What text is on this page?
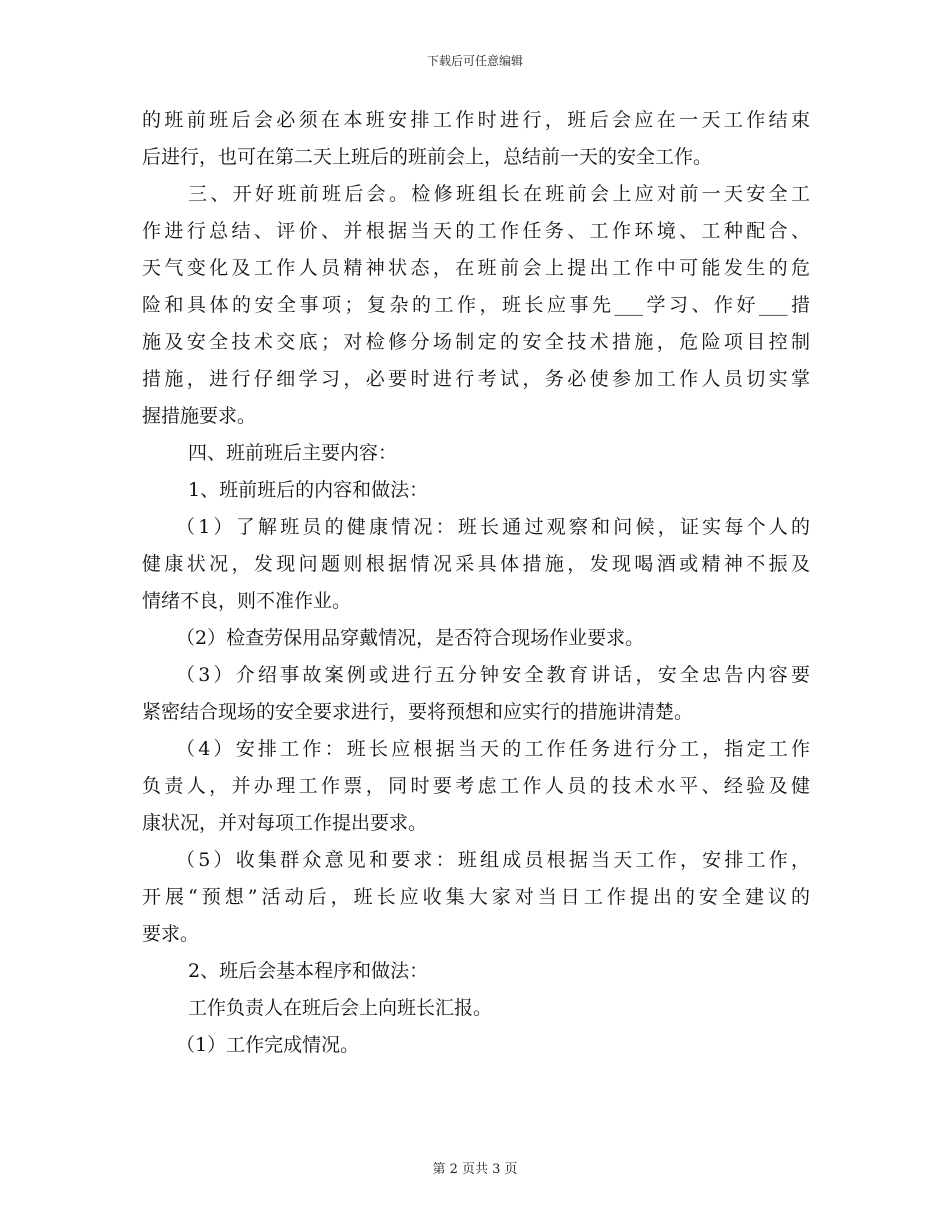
下载后可任意编辑

的班前班后会必须在本班安排工作时进行，班后会应在一天工作结束

后进行，也可在第二天上班后的班前会上，总结前一天的安全工作。

三、开好班前班后会。检修班组长在班前会上应对前一天安全工

作进行总结、评价、并根据当天的工作任务、工作环境、工种配合、

天气变化及工作人员精神状态，在班前会上提出工作中可能发生的危

险和具体的安全事项；复杂的工作，班长应事先___学习、作好___措

施及安全技术交底；对检修分场制定的安全技术措施，危险项目控制

措施，进行仔细学习，必要时进行考试，务必使参加工作人员切实掌

握措施要求。

四、班前班后主要内容：

1、班前班后的内容和做法：

（1）了解班员的健康情况：班长通过观察和问候，证实每个人的

健康状况，发现问题则根据情况采具体措施，发现喝酒或精神不振及

情绪不良，则不准作业。

（2）检查劳保用品穿戴情况，是否符合现场作业要求。

（3）介绍事故案例或进行五分钟安全教育讲话，安全忠告内容要

紧密结合现场的安全要求进行，要将预想和应实行的措施讲清楚。

（4）安排工作：班长应根据当天的工作任务进行分工，指定工作

负责人，并办理工作票，同时要考虑工作人员的技术水平、经验及健

康状况，并对每项工作提出要求。

（5）收集群众意见和要求：班组成员根据当天工作，安排工作，

开展“预想”活动后，班长应收集大家对当日工作提出的安全建议的

要求。

2、班后会基本程序和做法：

工作负责人在班后会上向班长汇报。

（1）工作完成情况。

第 2 页共 3 页
